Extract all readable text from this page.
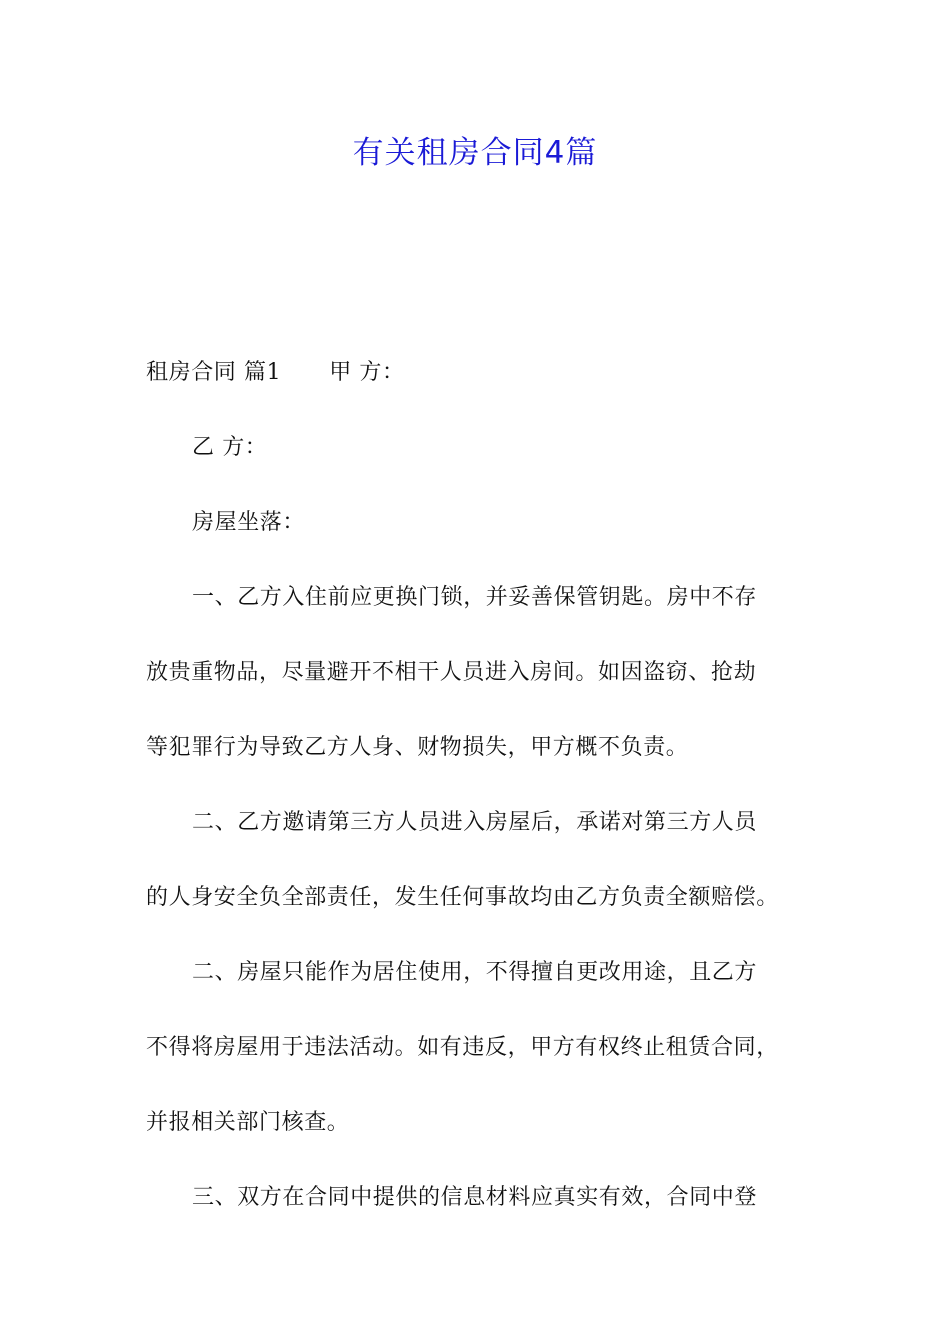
有关租房合同4篇
租房合同 篇1 甲 方：
乙 方：
房屋坐落：
一、乙方入住前应更换门锁，并妥善保管钥匙。房中不存
放贵重物品，尽量避开不相干人员进入房间。如因盗窃、抢劫
等犯罪行为导致乙方人身、财物损失，甲方概不负责。
二、乙方邀请第三方人员进入房屋后，承诺对第三方人员
的人身安全负全部责任，发生任何事故均由乙方负责全额赔偿。
二、房屋只能作为居住使用，不得擅自更改用途，且乙方
不得将房屋用于违法活动。如有违反，甲方有权终止租赁合同，
并报相关部门核查。
三、双方在合同中提供的信息材料应真实有效，合同中登
